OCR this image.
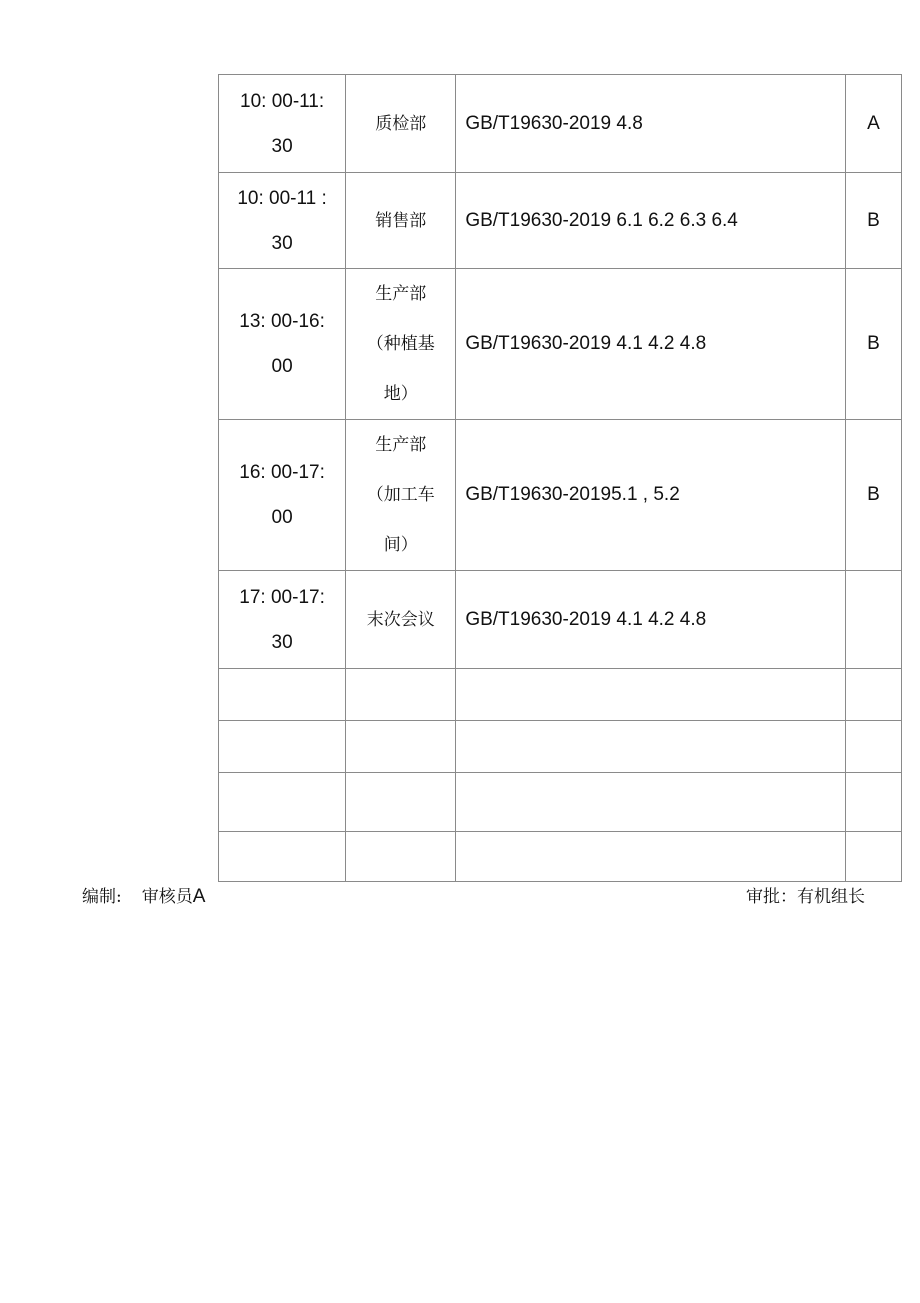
10: 00-11:
30	质检部	GB/T19630-2019 4.8	A

10: 00-11 :
30	销售部	GB/T19630-2019 6.1 6.2 6.3 6.4	B

13: 00-16:
00	生产部
（种植基
地）	GB/T19630-2019 4.1 4.2 4.8	B

16: 00-17:
00	生产部
（加工车
间）	GB/T19630-20195.1 , 5.2	B

17: 00-17:
30	末次会议	GB/T19630-2019 4.1 4.2 4.8	

编制: 审核员A	审批：有机组长
